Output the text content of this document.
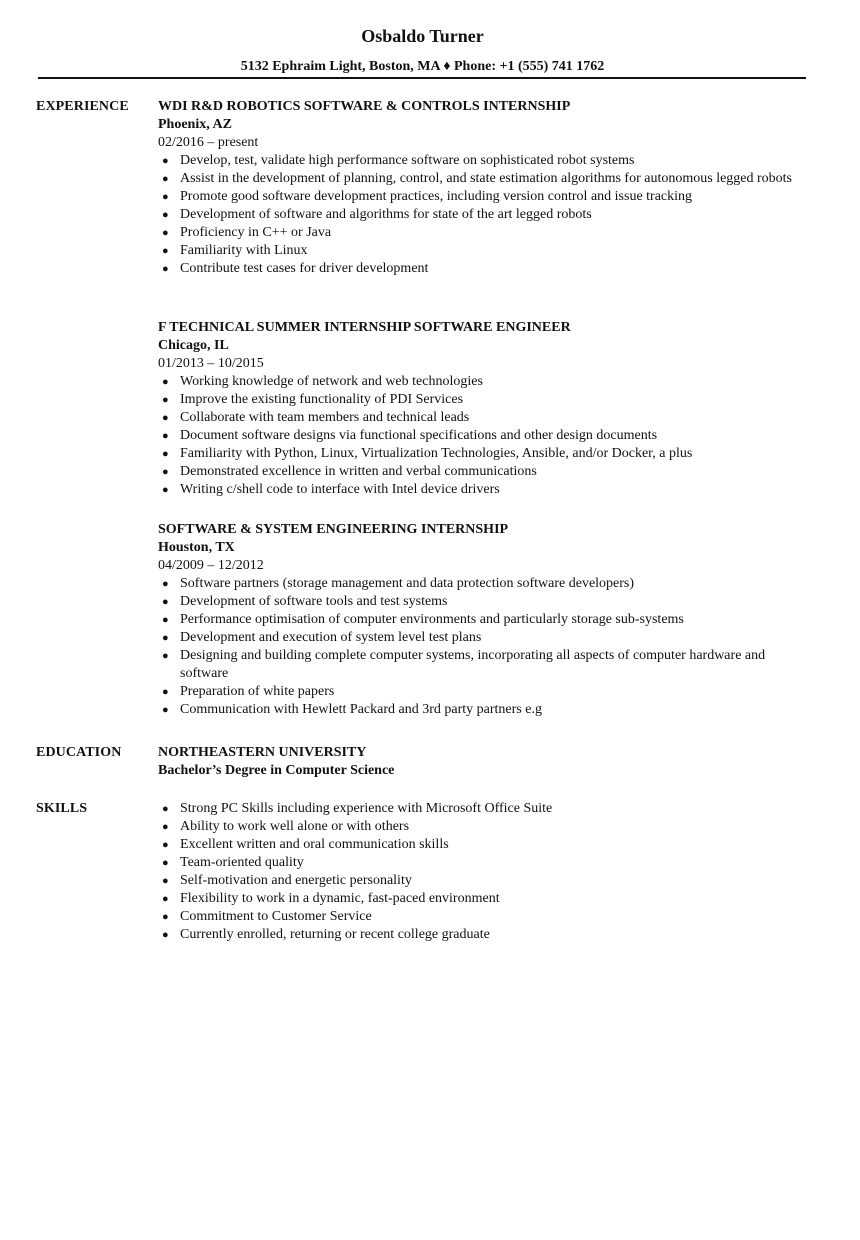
Osbaldo Turner
5132 Ephraim Light, Boston, MA ♦ Phone: +1 (555) 741 1762
EXPERIENCE WDI R&D ROBOTICS SOFTWARE & CONTROLS INTERNSHIP
Phoenix, AZ
02/2016 – present
● Develop, test, validate high performance software on sophisticated robot systems
● Assist in the development of planning, control, and state estimation algorithms for autonomous legged robots
● Promote good software development practices, including version control and issue tracking
● Development of software and algorithms for state of the art legged robots
● Proficiency in C++ or Java
● Familiarity with Linux
● Contribute test cases for driver development
F TECHNICAL SUMMER INTERNSHIP SOFTWARE ENGINEER
Chicago, IL
01/2013 – 10/2015
● Working knowledge of network and web technologies
● Improve the existing functionality of PDI Services
● Collaborate with team members and technical leads
● Document software designs via functional specifications and other design documents
● Familiarity with Python, Linux, Virtualization Technologies, Ansible, and/or Docker, a plus
● Demonstrated excellence in written and verbal communications
● Writing c/shell code to interface with Intel device drivers
SOFTWARE & SYSTEM ENGINEERING INTERNSHIP
Houston, TX
04/2009 – 12/2012
● Software partners (storage management and data protection software developers)
● Development of software tools and test systems
● Performance optimisation of computer environments and particularly storage sub-systems
● Development and execution of system level test plans
● Designing and building complete computer systems, incorporating all aspects of computer hardware and software
● Preparation of white papers
● Communication with Hewlett Packard and 3rd party partners e.g
EDUCATION	NORTHEASTERN UNIVERSITY
Bachelor’s Degree in Computer Science
SKILLS	● Strong PC Skills including experience with Microsoft Office Suite
● Ability to work well alone or with others
● Excellent written and oral communication skills
● Team-oriented quality
● Self-motivation and energetic personality
● Flexibility to work in a dynamic, fast-paced environment
● Commitment to Customer Service
● Currently enrolled, returning or recent college graduate
